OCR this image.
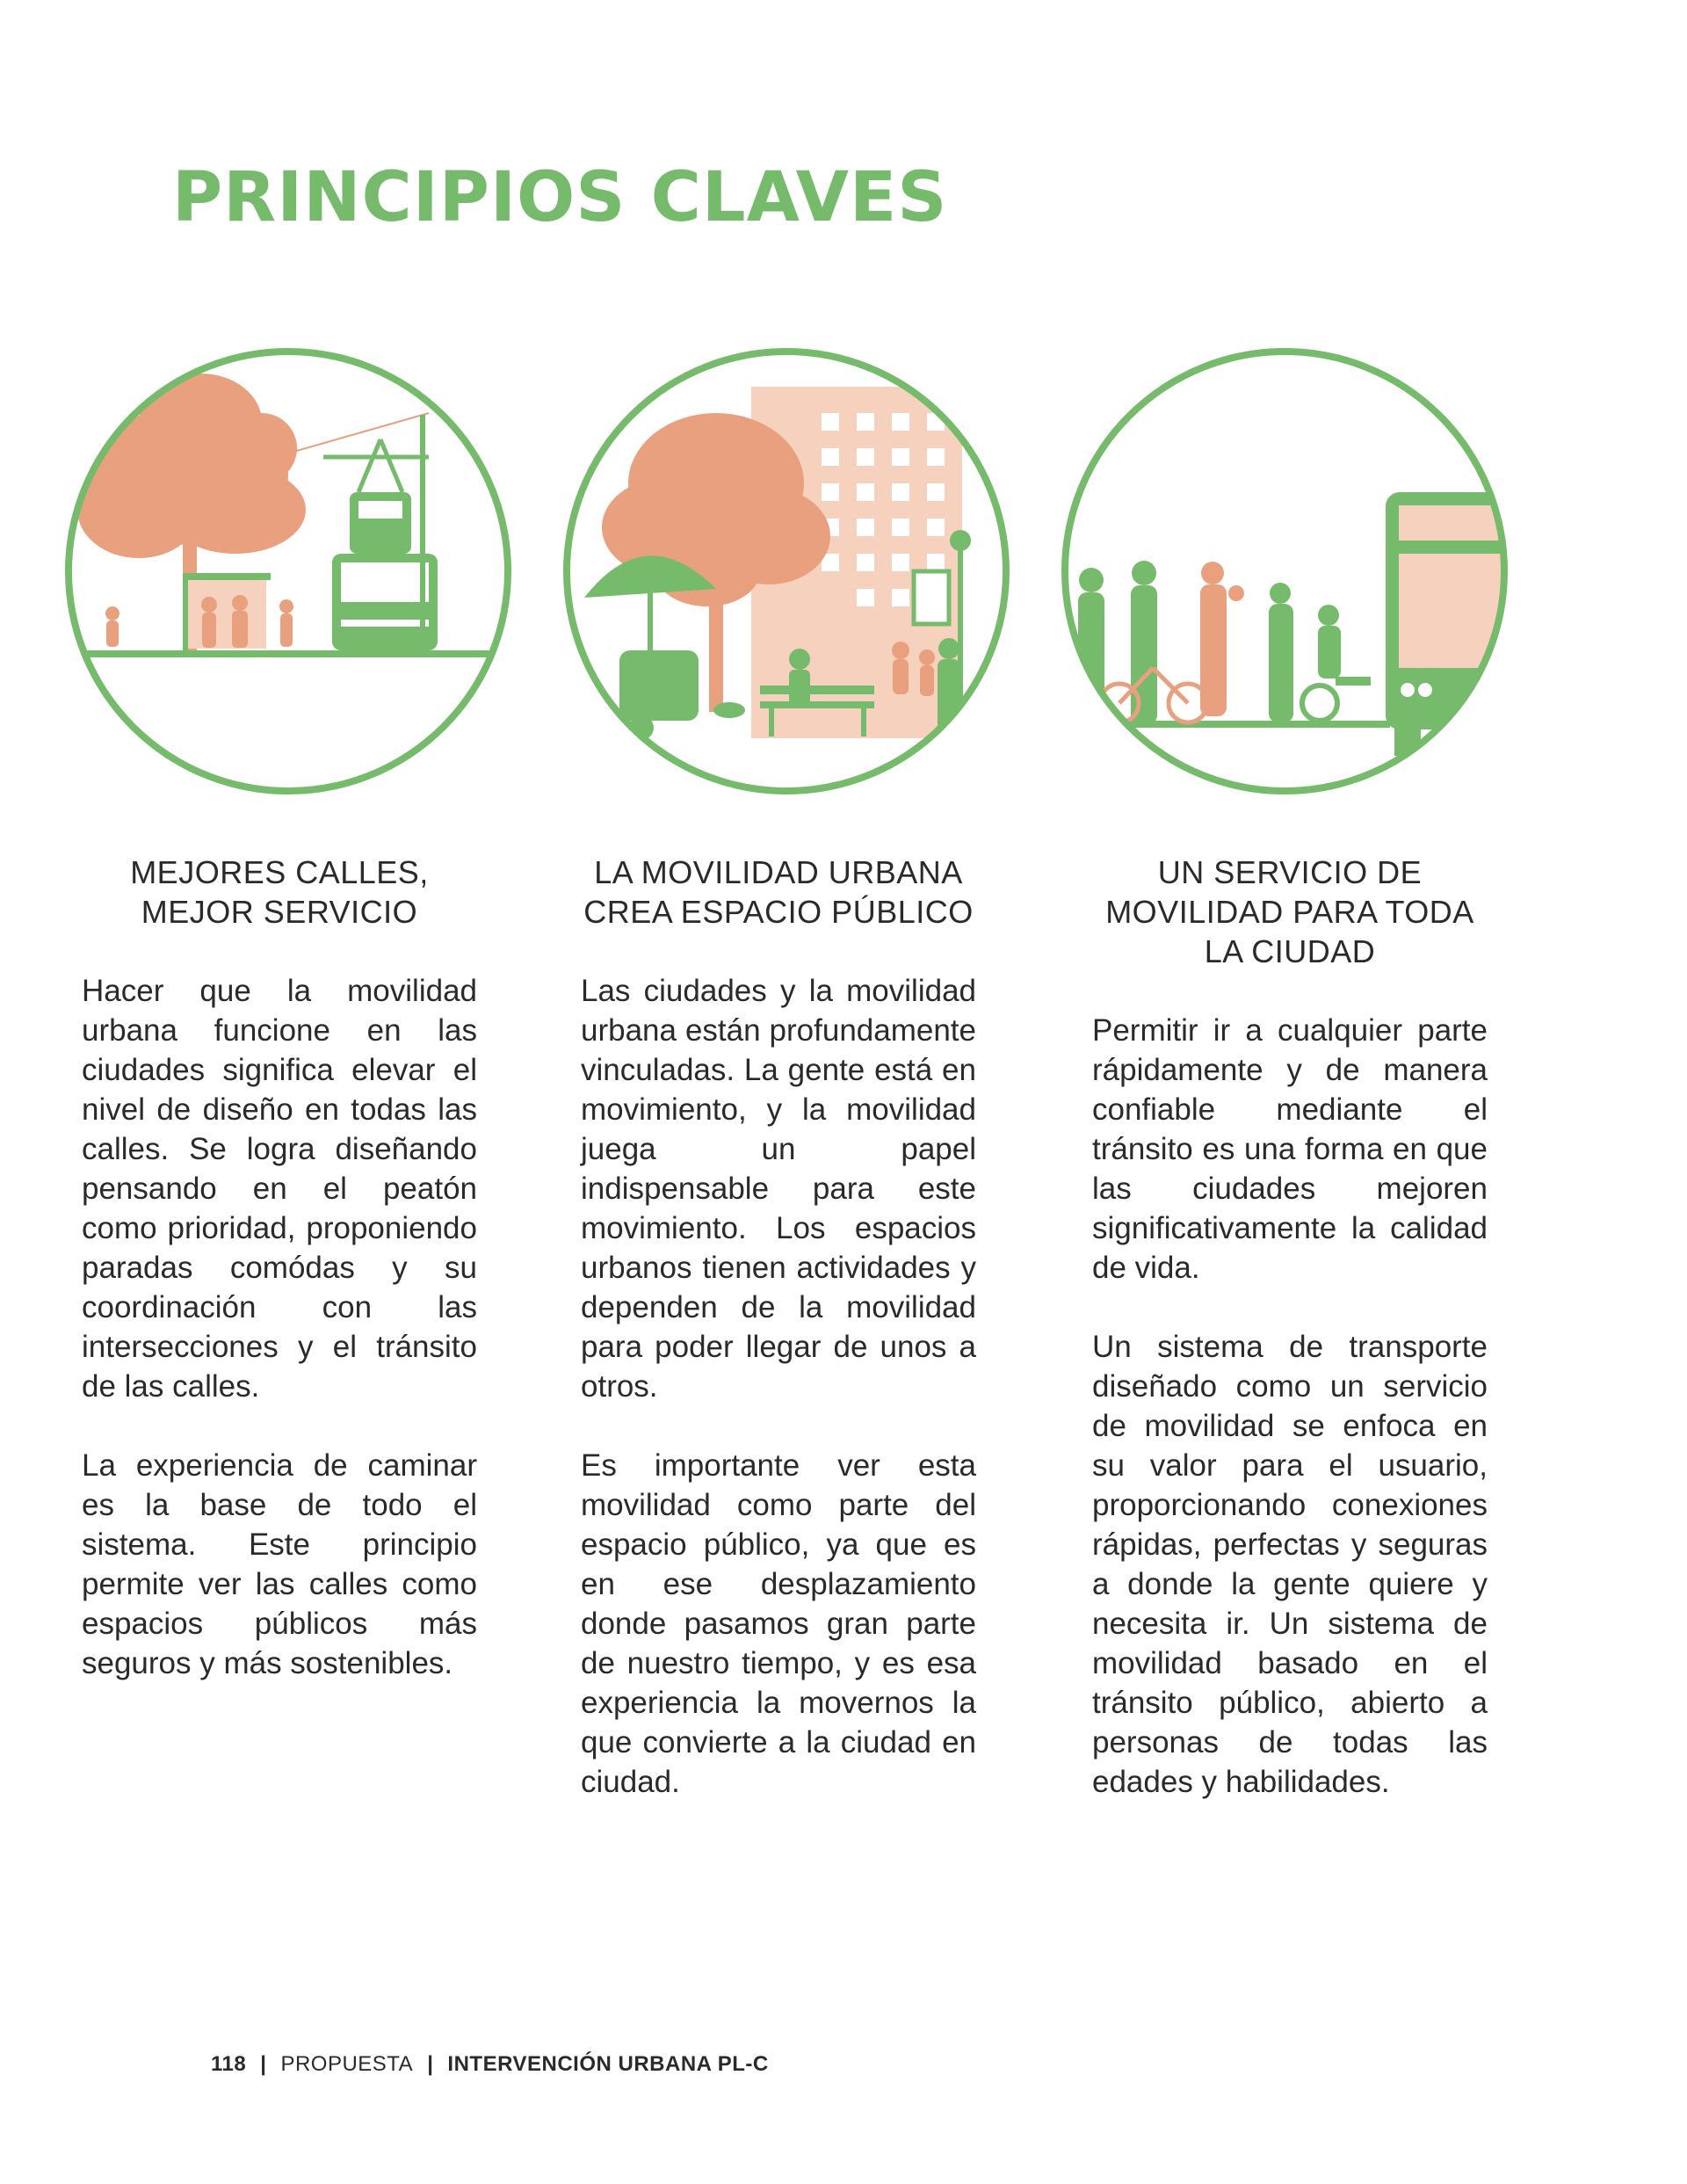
PRINCIPIOS CLAVES
MEJORES CALLES,
MEJOR SERVICIO

Hacer que la movilidad urbana funcione en las ciudades significa elevar el nivel de diseño en todas las calles. Se logra diseñando pensando en el peatón como prioridad, proponiendo paradas comódas y su coordinación con las intersecciones y el tránsito de las calles.

La experiencia de caminar es la base de todo el sistema. Este principio permite ver las calles como espacios públicos más seguros y más sostenibles.

LA MOVILIDAD URBANA
CREA ESPACIO PÚBLICO

Las ciudades y la movilidad urbana están profundamente vinculadas. La gente está en movimiento, y la movilidad juega un papel indispensable para este movimiento. Los espacios urbanos tienen actividades y dependen de la movilidad para poder llegar de unos a otros.

Es importante ver esta movilidad como parte del espacio público, ya que es en ese desplazamiento donde pasamos gran parte de nuestro tiempo, y es esa experiencia la movernos la que convierte a la ciudad en ciudad.

UN SERVICIO DE
MOVILIDAD PARA TODA
LA CIUDAD

Permitir ir a cualquier parte rápidamente y de manera confiable mediante el tránsito es una forma en que las ciudades mejoren significativamente la calidad de vida.

Un sistema de transporte diseñado como un servicio de movilidad se enfoca en su valor para el usuario, proporcionando conexiones rápidas, perfectas y seguras a donde la gente quiere y necesita ir. Un sistema de movilidad basado en el tránsito público, abierto a personas de todas las edades y habilidades.

118 | PROPUESTA | INTERVENCIÓN URBANA PL-C
